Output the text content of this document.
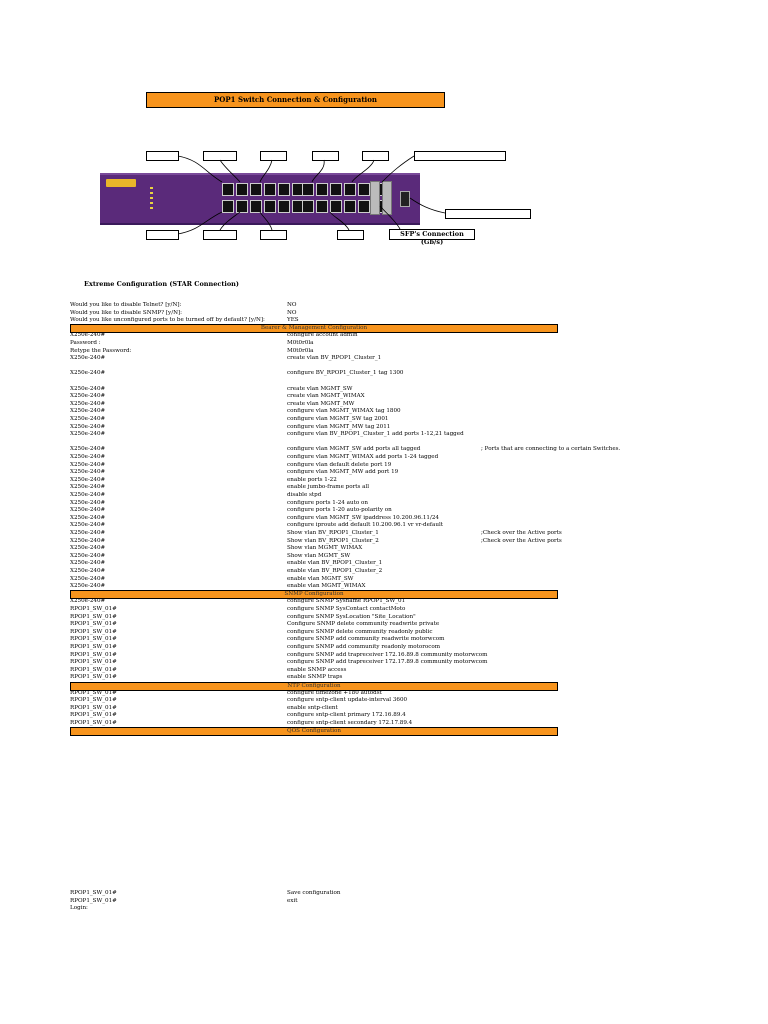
POP1 Switch Connection & Configuration
SFP's Connection (Gb/s)
Extreme Configuration (STAR Connection)
Would you like to disable Telnet? [y/N]:	NO
Would you like to disable SNMP? [y/N]:	NO
Would you like unconfigured ports to be turned off by default? [y/N]:	YES
Bearer & Management Configuration
X250e-240#	configure account admin
Password :	M0t0r0la
Retype the Password:	M0t0r0la
X250e-240#	create vlan BV_RPOP1_Cluster_1
X250e-240#	configure BV_RPOP1_Cluster_1 tag 1300
X250e-240#	create vlan MGMT_SW
X250e-240#	create vlan MGMT_WIMAX
X250e-240#	create vlan MGMT_MW
X250e-240#	configure vlan MGMT_WIMAX tag 1800
X250e-240#	configure vlan MGMT_SW tag 2001
X250e-240#	configure vlan MGMT_MW tag 2011
X250e-240#	configure vlan BV_RPOP1_Cluster_1 add ports 1-12,21 tagged
X250e-240#	configure vlan MGMT_SW add ports all tagged	; Ports that are connecting to a certain Switches.
X250e-240#	configure vlan MGMT_WIMAX add ports 1-24 tagged
X250e-240#	configure vlan default delete port 19
X250e-240#	configure vlan MGMT_MW add port 19
X250e-240#	enable ports 1-22
X250e-240#	enable jumbo-frame ports all
X250e-240#	disable stpd
X250e-240#	configure ports 1-24 auto on
X250e-240#	configure ports 1-20 auto-polarity on
X250e-240#	configure vlan MGMT_SW ipaddress 10.200.96.11/24
X250e-240#	configure iproute add default 10.200.96.1 vr vr-default
X250e-240#	Show vlan BV_RPOP1_Cluster_1	;Check over the Active ports
X250e-240#	Show vlan BV_RPOP1_Cluster_2	;Check over the Active ports
X250e-240#	Show vlan MGMT_WIMAX
X250e-240#	Show vlan MGMT_SW
X250e-240#	enable vlan BV_RPOP1_Cluster_1
X250e-240#	enable vlan BV_RPOP1_Cluster_2
X250e-240#	enable vlan MGMT_SW
X250e-240#	enable vlan MGMT_WIMAX
SNMP Configuration
X250e-240#	configure SNMP Sysname RPOP1_SW_01
RPOP1_SW_01#	configure SNMP SysContact contactMoto
RPOP1_SW_01#	configure SNMP SysLocation "Site_Location"
RPOP1_SW_01#	Configure SNMP delete community readwrite private
RPOP1_SW_01#	configure SNMP delete community readonly public
RPOP1_SW_01#	configure SNMP add community readwrite motorwcom
RPOP1_SW_01#	configure SNMP add community readonly motorocom
RPOP1_SW_01#	configure SNMP add trapreceiver 172.16.89.8 community motorwcom
RPOP1_SW_01#	configure SNMP add trapreceiver 172.17.89.8 community motorwcom
RPOP1_SW_01#	enable SNMP access
RPOP1_SW_01#	enable SNMP traps
NTP Configuration
RPOP1_SW_01#	configure timezone +180 autodst
RPOP1_SW_01#	configure sntp-client update-interval 3600
RPOP1_SW_01#	enable sntp-client
RPOP1_SW_01#	configure sntp-client primary 172.16.89.4
RPOP1_SW_01#	configure sntp-client secondary 172.17.89.4
QOS Configuration
RPOP1_SW_01#	Save configuration
RPOP1_SW_01#	exit
Login:
